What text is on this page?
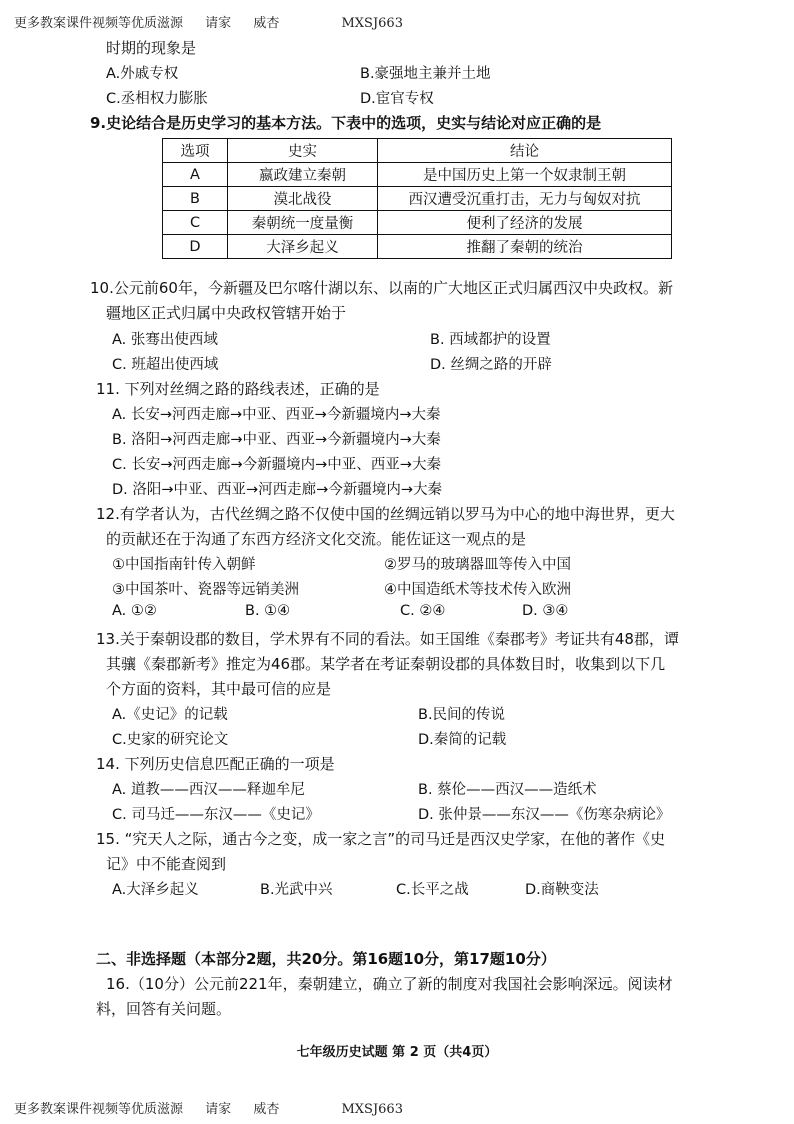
更多教案课件视频等优质滋源 请家 威杏	MXSJ663
时期的现象是
A.外戚专权	B.豪强地主兼并土地
C.丞相权力膨胀	D.宦官专权
9.史论结合是历史学习的基本方法。下表中的选项，史实与结论对应正确的是
选项	史实	结论
A	嬴政建立秦朝	是中国历史上第一个奴隶制王朝
B	漠北战役	西汉遭受沉重打击，无力与匈奴对抗
C	秦朝统一度量衡	便利了经济的发展
D	大泽乡起义	推翻了秦朝的统治
10.公元前60年，今新疆及巴尔喀什湖以东、以南的广大地区正式归属西汉中央政权。新
疆地区正式归属中央政权管辖开始于
A. 张骞出使西域	B. 西域都护的设置
C. 班超出使西域	D. 丝绸之路的开辟
11. 下列对丝绸之路的路线表述，正确的是
A. 长安→河西走廊→中亚、西亚→今新疆境内→大秦
B. 洛阳→河西走廊→中亚、西亚→今新疆境内→大秦
C. 长安→河西走廊→今新疆境内→中亚、西亚→大秦
D. 洛阳→中亚、西亚→河西走廊→今新疆境内→大秦
12.有学者认为，古代丝绸之路不仅使中国的丝绸远销以罗马为中心的地中海世界，更大
的贡献还在于沟通了东西方经济文化交流。能佐证这一观点的是
①中国指南针传入朝鲜	②罗马的玻璃器皿等传入中国
③中国茶叶、瓷器等远销美洲	④中国造纸术等技术传入欧洲
A. ①②	B. ①④	C. ②④	D. ③④
13.关于秦朝设郡的数目，学术界有不同的看法。如王国维《秦郡考》考证共有48郡，谭
其骧《秦郡新考》推定为46郡。某学者在考证秦朝设郡的具体数目时，收集到以下几
个方面的资料，其中最可信的应是
A.《史记》的记载	B.民间的传说
C.史家的研究论文	D.秦简的记载
14. 下列历史信息匹配正确的一项是
A. 道教——西汉——释迦牟尼	B. 蔡伦——西汉——造纸术
C. 司马迁——东汉——《史记》	D. 张仲景——东汉——《伤寒杂病论》
15. “究天人之际，通古今之变，成一家之言”的司马迁是西汉史学家，在他的著作《史
记》中不能查阅到
A.大泽乡起义	B.光武中兴	C.长平之战	D.商鞅变法
二、非选择题（本部分2题，共20分。第16题10分，第17题10分）
16.（10分）公元前221年，秦朝建立，确立了新的制度对我国社会影响深远。阅读材
料，回答有关问题。
七年级历史试题 第 2 页（共4页）
更多教案课件视频等优质滋源 请家 威杏	MXSJ663
